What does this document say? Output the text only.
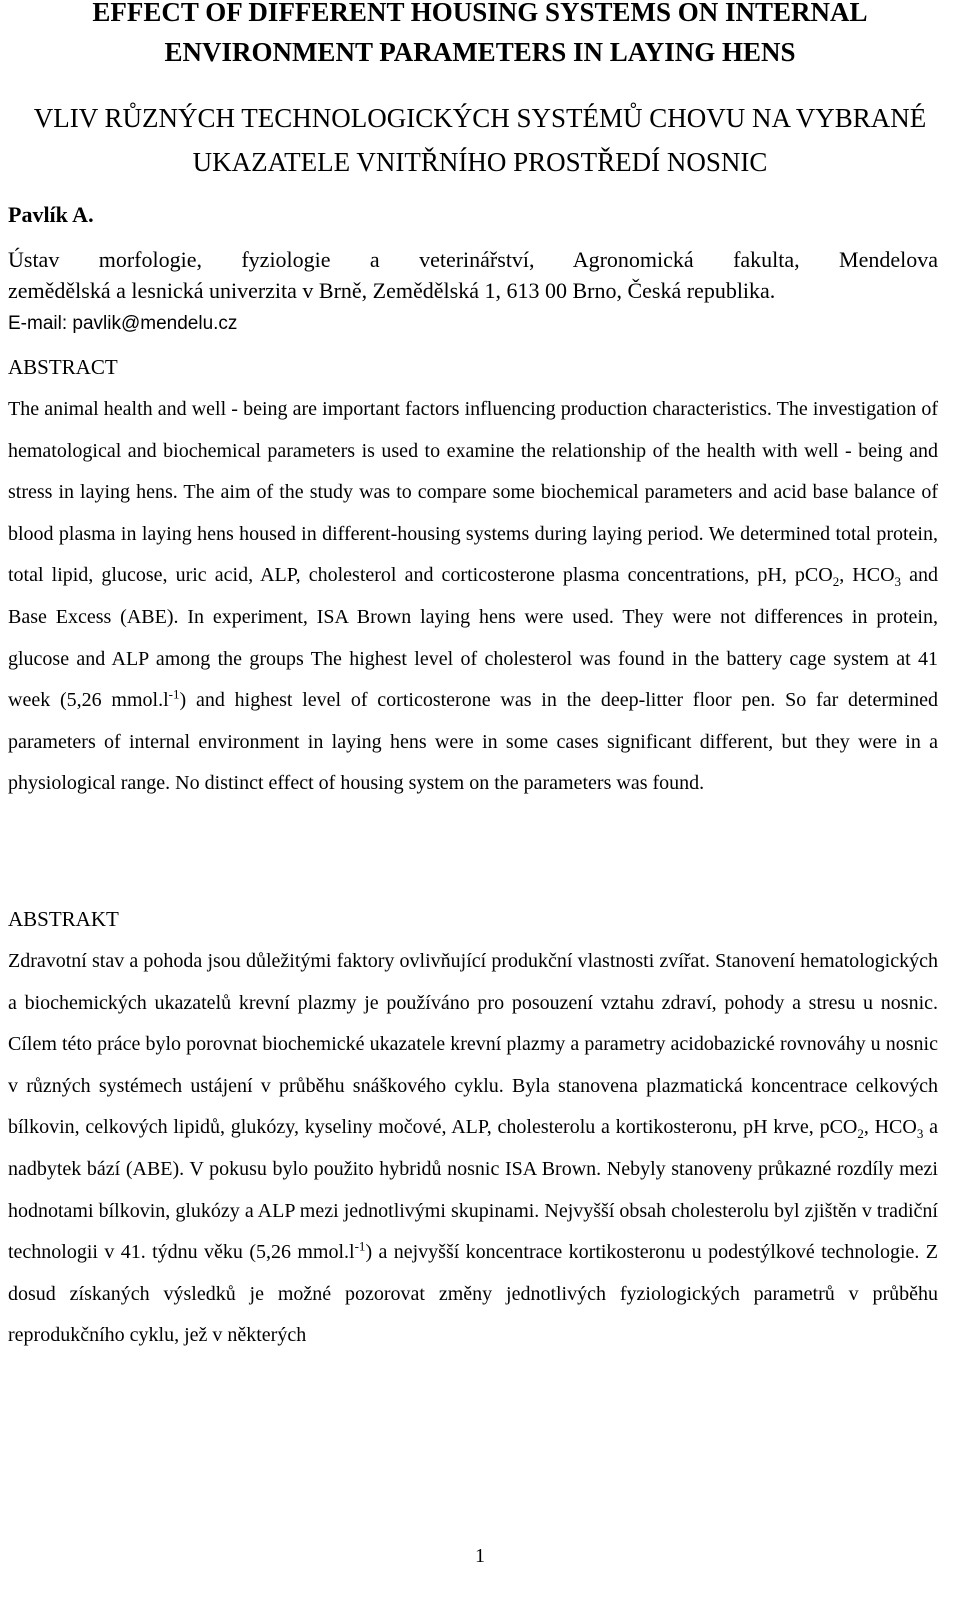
EFFECT OF DIFFERENT HOUSING SYSTEMS ON INTERNAL ENVIRONMENT PARAMETERS IN LAYING HENS
VLIV RŮZNÝCH TECHNOLOGICKÝCH SYSTÉMŮ CHOVU NA VYBRANÉ UKAZATELE VNITŘNÍHO PROSTŘEDÍ NOSNIC
Pavlík A.
Ústav morfologie, fyziologie a veterinářství, Agronomická fakulta, Mendelova
zemědělská a lesnická univerzita v Brně, Zemědělská 1, 613 00 Brno, Česká republika.
E-mail: pavlik@mendelu.cz
ABSTRACT
The animal health and well - being are important factors influencing production characteristics. The investigation of hematological and biochemical parameters is used to examine the relationship of the health with well - being and stress in laying hens. The aim of the study was to compare some biochemical parameters and acid base balance of blood plasma in laying hens housed in different-housing systems during laying period. We determined total protein, total lipid, glucose, uric acid, ALP, cholesterol and corticosterone plasma concentrations, pH, pCO$_2$, $HCO_3$ and Base Excess (ABE). In experiment, ISA Brown laying hens were used. They were not differences in protein, glucose and ALP among the groups The highest level of cholesterol was found in the battery cage system at 41 week (5,26 $mmol.l^{-1}$) and highest level of corticosterone was in the deep-litter floor pen. So far determined parameters of internal environment in laying hens were in some cases significant different, but they were in a physiological range. No distinct effect of housing system on the parameters was found.
ABSTRAKT
Zdravotní stav a pohoda jsou důležitými faktory ovlivňující produkční vlastnosti zvířat. Stanovení hematologických a biochemických ukazatelů krevní plazmy je používáno pro posouzení vztahu zdraví, pohody a stresu u nosnic. Cílem této práce bylo porovnat biochemické ukazatele krevní plazmy a parametry acidobazické rovnováhy u nosnic v různých systémech ustájení v průběhu snáškového cyklu. Byla stanovena plazmatická koncentrace celkových bílkovin, celkových lipidů, glukózy, kyseliny močové, ALP, cholesterolu a kortikosteronu, pH krve, pCO$_2$, $HCO_3$ a nadbytek bází (ABE). V pokusu bylo použito hybridů nosnic ISA Brown. Nebyly stanoveny průkazné rozdíly mezi hodnotami bílkovin, glukózy a ALP mezi jednotlivými skupinami. Nejvyšší obsah cholesterolu byl zjištěn v tradiční technologii v 41. týdnu věku (5,26 $mmol.l^{-1}$) a nejvyšší koncentrace kortikosteronu u podestýlkové technologie. Z dosud získaných výsledků je možné pozorovat změny jednotlivých fyziologických parametrů v průběhu reprodukčního cyklu, jež v některých
1
